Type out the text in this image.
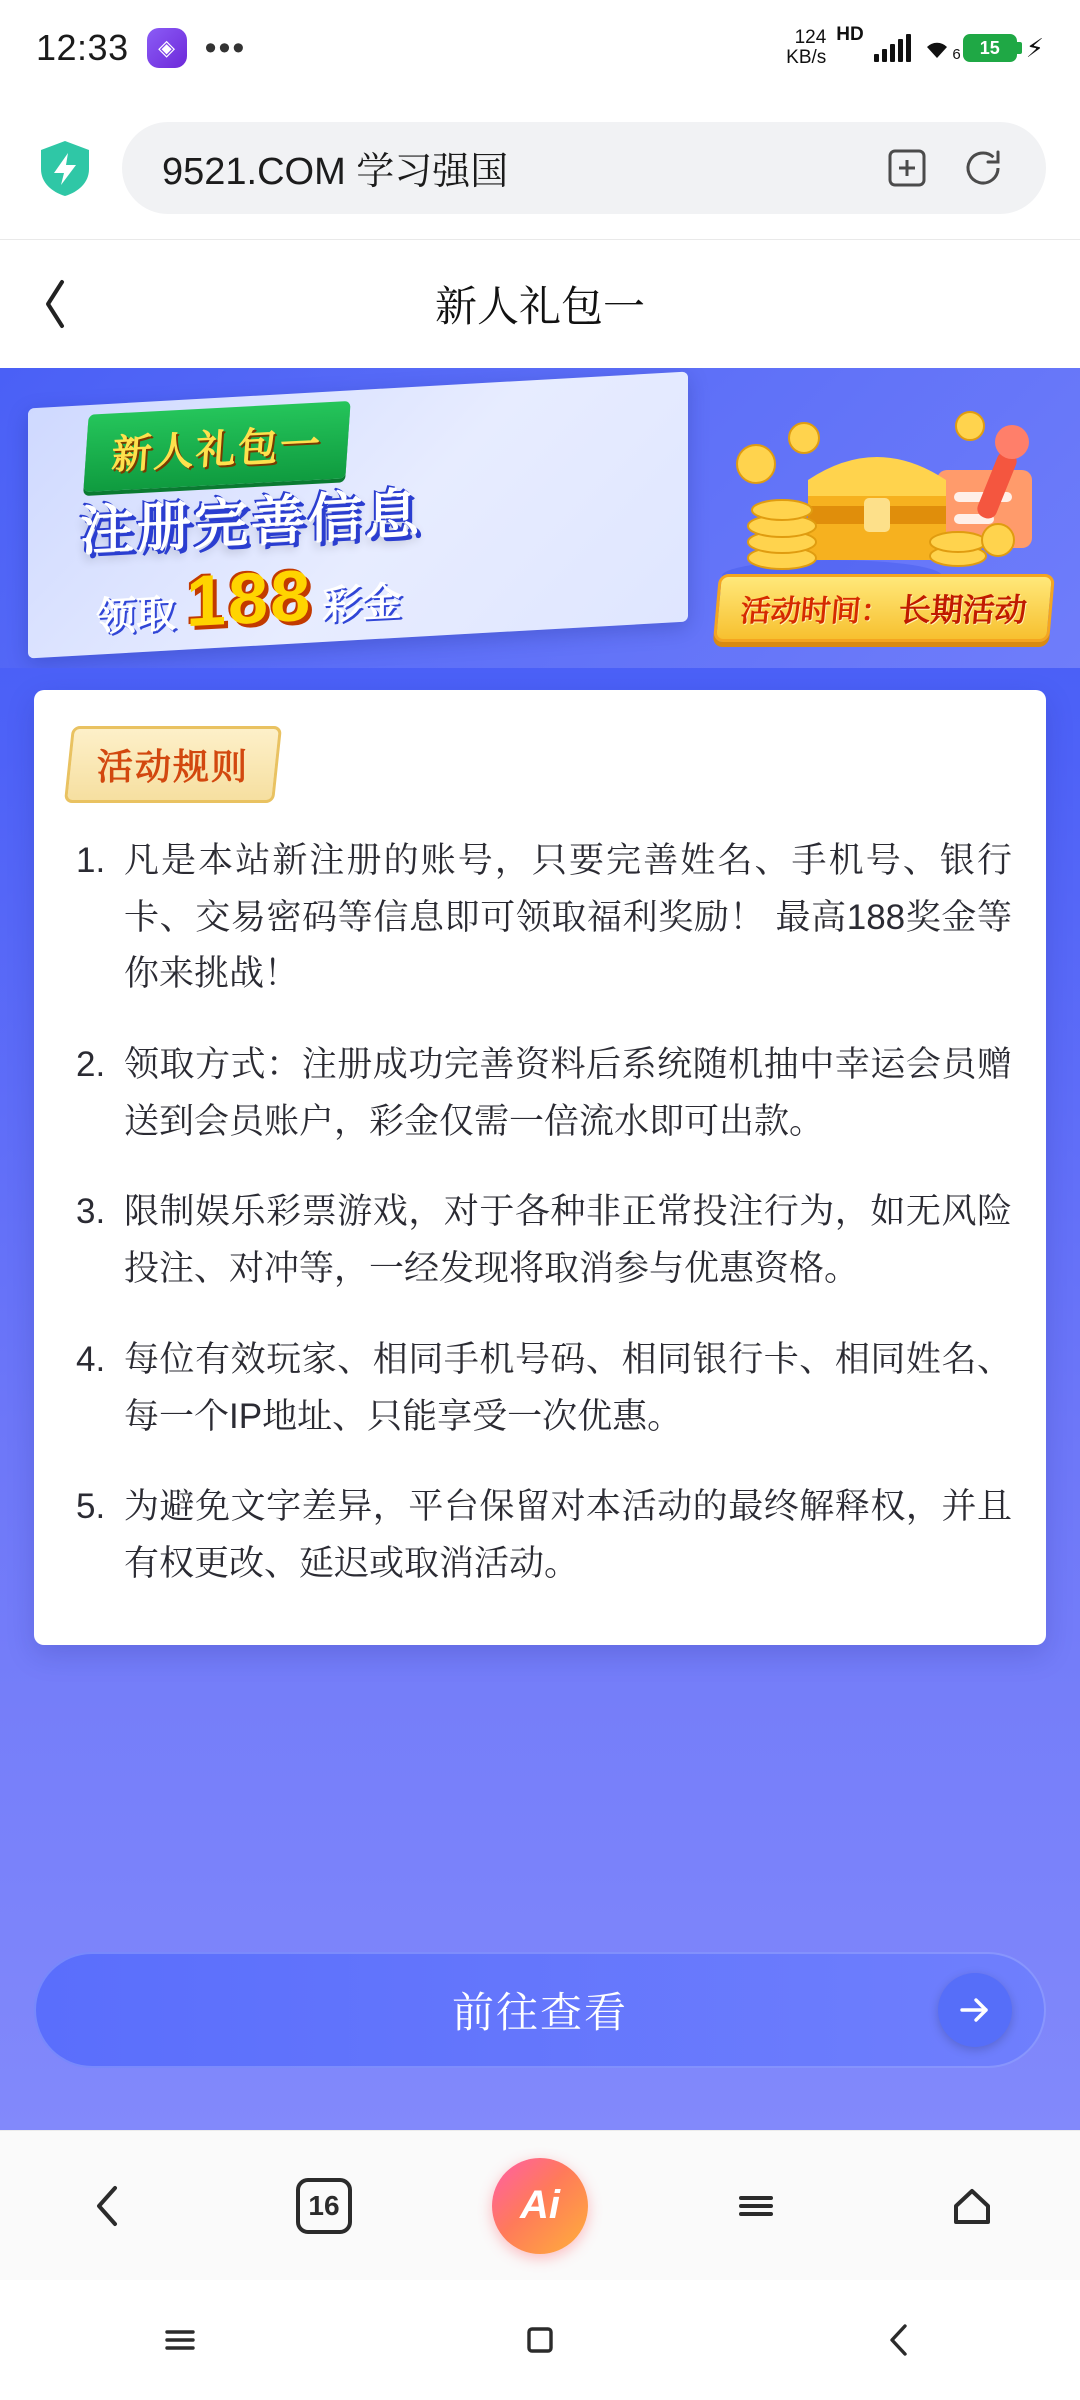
12:33 ◈ •••	124
KB/s
HD
6	15 ⚡
9521.COM 学习强国
新人礼包一
新人礼包一
注册完善信息
领取 188 彩金	活动时间： 长期活动
活动规则
凡是本站新注册的账号，只要完善姓名、手机号、银行卡、交易密码等信息即可领取福利奖励！ 最高188奖金等你来挑战！
领取方式：注册成功完善资料后系统随机抽中幸运会员赠送到会员账户，彩金仅需一倍流水即可出款。
限制娱乐彩票游戏，对于各种非正常投注行为，如无风险投注、对冲等，一经发现将取消参与优惠资格。
每位有效玩家、相同手机号码、相同银行卡、相同姓名、每一个IP地址、只能享受一次优惠。
为避免文字差异，平台保留对本活动的最终解释权，并且有权更改、延迟或取消活动。
前往查看
16	Ai
